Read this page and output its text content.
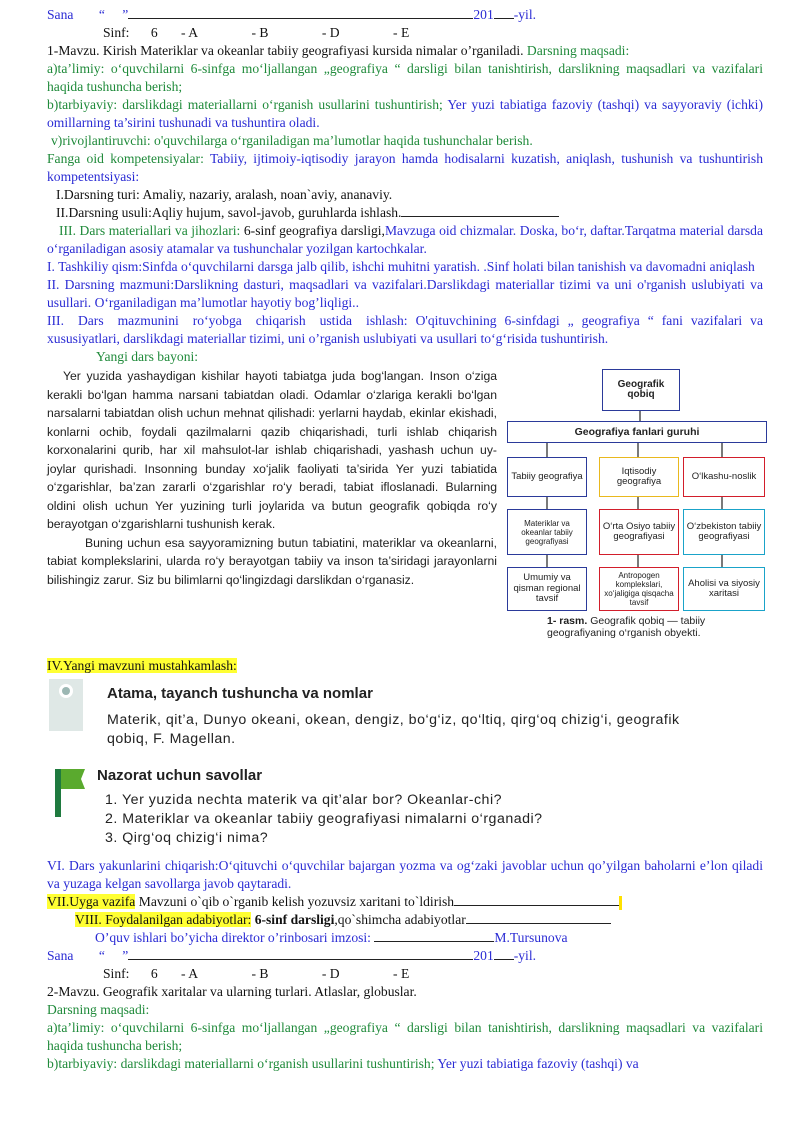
Sana “ ”	201 -yil.
Sinf: 6 - A	- B	- D	- E
1-Mavzu. Kirish Materiklar va okeanlar tabiiy geografiyasi kursida nimalar o’rganiladi. Darsning maqsadi:
a)ta’limiy: o‘quvchilarni 6-sinfga mo‘ljallangan „geografiya “ darsligi bilan tanishtirish, darslikning maqsadlari va vazifalari haqida tushuncha berish;
b)tarbiyaviy: darslikdagi materiallarni o‘rganish usullarini tushuntirish; Yer yuzi tabiatiga fazoviy (tashqi) va sayyoraviy (ichki) omillarning ta’sirini tushunadi va tushuntira oladi.
v)rivojlantiruvchi: o'quvchilarga o‘rganiladigan ma’lumotlar haqida tushunchalar berish.
Fanga oid kompetensiyalar: Tabiiy, ijtimoiy-iqtisodiy jarayon hamda hodisalarni kuzatish, aniqlash, tushunish va tushuntirish kompetentsiyasi:
I.Darsning turi: Amaliy, nazariy, aralash, noan`aviy, ananaviy.
II.Darsning usuli:Aqliy hujum, savol-javob, guruhlarda ishlash.
III. Dars materiallari va jihozlari: 6-sinf geografiya darsligi,Mavzuga oid chizmalar. Doska, bo‘r, daftar.Tarqatma material darsda o‘rganiladigan asosiy atamalar va tushunchalar yozilgan kartochkalar.
I. Tashkiliy qism:Sinfda o‘quvchilarni darsga jalb qilib, ishchi muhitni yaratish. .Sinf holati bilan tanishish va davomadni aniqlash
II. Darsning mazmuni:Darslikning dasturi, maqsadlari va vazifalari.Darslikdagi materiallar tizimi va uni o'rganish uslubiyati va usullari. O‘rganiladigan ma’lumotlar hayotiy bog’liqligi..
III. Dars mazmunini ro‘yobga chiqarish ustida ishlash: O'qituvchining 6-sinfdagi „ geografiya “ fani vazifalari va xususiyatlari, darslikdagi materiallar tizimi, uni o’rganish uslubiyati va usullari to‘g‘risida tushuntirish.
Yangi dars bayoni:

Yer yuzida yashaydigan kishilar hayoti tabiatga juda bog‘langan. Inson o‘ziga kerakli bo‘lgan hamma narsani tabiatdan oladi. Odamlar o‘zlariga kerakli bo‘lgan narsalarni tabiatdan olish uchun mehnat qilishadi: yerlarni haydab, ekinlar ekishadi, konlarni ochib, foydali qazilmalarni qazib chiqarishadi, turli ishlab chiqarish korxonalarini qurib, har xil mahsulot-lar ishlab chiqarishadi, yashash uchun uy-joylar qurishadi. Insonning bunday xo‘jalik faoliyati ta’sirida Yer yuzi tabiatida o‘zgarishlar, ba’zan zararli o‘zgarishlar ro‘y beradi, tabiat ifloslanadi. Bularning oldini olish uchun Yer yuzining turli joylarida va butun geografik qobiqda ro‘y berayotgan o‘zgarishlarni tushunish kerak.

Buning uchun esa sayyoramizning butun tabiatini, materiklar va okeanlarni, tabiat komplekslarini, ularda ro‘y berayotgan tabiiy va inson ta’siridagi jarayonlarni bilishingiz zarur. Siz bu bilimlarni qo‘lingizdagi darslikdan o‘rganasiz.

Geografik qobiq
Geografiya fanlari guruhi
Tabiiy geografiya	Iqtisodiy geografiya	O‘lkashu-noslik
Materiklar va okeanlar tabiiy geografiyasi
O‘rta Osiyo tabiiy geografiyasi
O‘zbekiston tabiiy geografiyasi
Umumiy va qisman regional tavsif
Antropogen komplekslari, xo‘jaligiga qisqacha tavsif
Aholisi va siyosiy xaritasi
1- rasm. Geografik qobiq — tabiiy geografiyaning o‘rganish obyekti.
IV.Yangi mavzuni mustahkamlash:
Atama, tayanch tushuncha va nomlar
Materik, qit’a, Dunyo okeani, okean, dengiz, bo‘g‘iz, qo‘ltiq, qirg‘oq chizig‘i, geografik qobiq, F. Magellan.
Nazorat uchun savollar
1. Yer yuzida nechta materik va qit’alar bor? Okeanlar-chi?
2. Materiklar va okeanlar tabiiy geografiyasi nimalarni o‘rganadi?
3. Qirg‘oq chizig‘i nima?
VI. Dars yakunlarini chiqarish:O‘qituvchi o‘quvchilar bajargan yozma va og‘zaki javoblar uchun qo’yilgan baholarni e’lon qiladi va yuzaga kelgan savollarga javob qaytaradi.
VII.Uyga vazifa Mavzuni o`qib o`rganib kelish yozuvsiz xaritani to`ldirish
VIII. Foydalanilgan adabiyotlar: 6-sinf darsligi,qo`shimcha adabiyotlar
O’quv ishlari bo’yicha direktor o’rinbosari imzosi:	M.Tursunova
Sana “ ”	201 -yil.
Sinf: 6 - A	- B	- D	- E
2-Mavzu. Geografik xaritalar va ularning turlari. Atlaslar, globuslar.
Darsning maqsadi:
a)ta’limiy: o‘quvchilarni 6-sinfga mo‘ljallangan „geografiya “ darsligi bilan tanishtirish, darslikning maqsadlari va vazifalari haqida tushuncha berish;
b)tarbiyaviy: darslikdagi materiallarni o‘rganish usullarini tushuntirish; Yer yuzi tabiatiga fazoviy (tashqi) va
